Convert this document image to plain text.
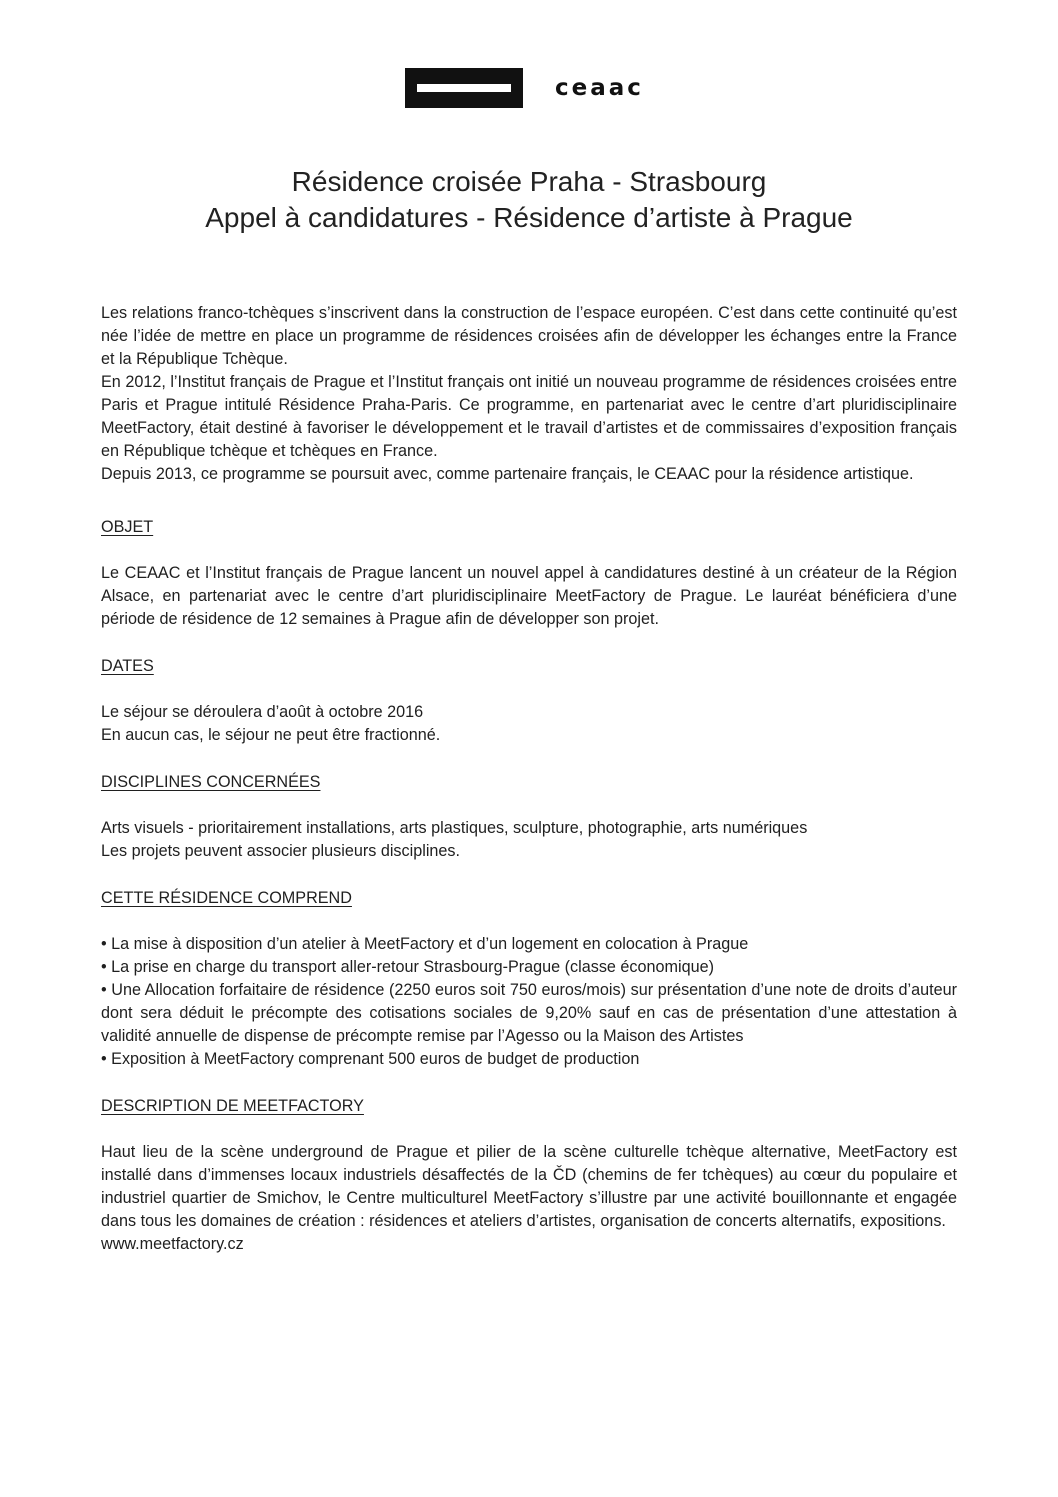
ceaac
Résidence croisée Praha - Strasbourg
Appel à candidatures - Résidence d’artiste à Prague

Les relations franco-tchèques s’inscrivent dans la construction de l’espace européen. C’est dans cette continuité qu’est née l’idée de mettre en place un programme de résidences croisées afin de développer les échanges entre la France et la République Tchèque.

En 2012, l’Institut français de Prague et l’Institut français ont initié un nouveau programme de résidences croisées entre Paris et Prague intitulé Résidence Praha-Paris. Ce programme, en partenariat avec le centre d’art pluridisciplinaire MeetFactory, était destiné à favoriser le développement et le travail d’artistes et de commissaires d’exposition français en République tchèque et tchèques en France.

Depuis 2013, ce programme se poursuit avec, comme partenaire français, le CEAAC pour la résidence artistique.

OBJET

Le CEAAC et l’Institut français de Prague lancent un nouvel appel à candidatures destiné à un créateur de la Région Alsace, en partenariat avec le centre d’art pluridisciplinaire MeetFactory de Prague. Le lauréat bénéficiera d’une période de résidence de 12 semaines à Prague afin de développer son projet.

DATES

Le séjour se déroulera d’août à octobre 2016

En aucun cas, le séjour ne peut être fractionné.

DISCIPLINES CONCERNÉES

Arts visuels - prioritairement installations, arts plastiques, sculpture, photographie, arts numériques

Les projets peuvent associer plusieurs disciplines.

CETTE RÉSIDENCE COMPREND

• La mise à disposition d’un atelier à MeetFactory et d’un logement en colocation à Prague

• La prise en charge du transport aller-retour Strasbourg-Prague (classe économique)

• Une Allocation forfaitaire de résidence (2250 euros soit 750 euros/mois) sur présentation d’une note de droits d’auteur dont sera déduit le précompte des cotisations sociales de 9,20% sauf en cas de présentation d’une attestation à validité annuelle de dispense de précompte remise par l’Agesso ou la Maison des Artistes

• Exposition à MeetFactory comprenant 500 euros de budget de production

DESCRIPTION DE MEETFACTORY

Haut lieu de la scène underground de Prague et pilier de la scène culturelle tchèque alternative, MeetFactory est installé dans d’immenses locaux industriels désaffectés de la ČD (chemins de fer tchèques) au cœur du populaire et industriel quartier de Smichov, le Centre multiculturel MeetFactory s’illustre par une activité bouillonnante et engagée dans tous les domaines de création : résidences et ateliers d’artistes, organisation de concerts alternatifs, expositions.

www.meetfactory.cz
